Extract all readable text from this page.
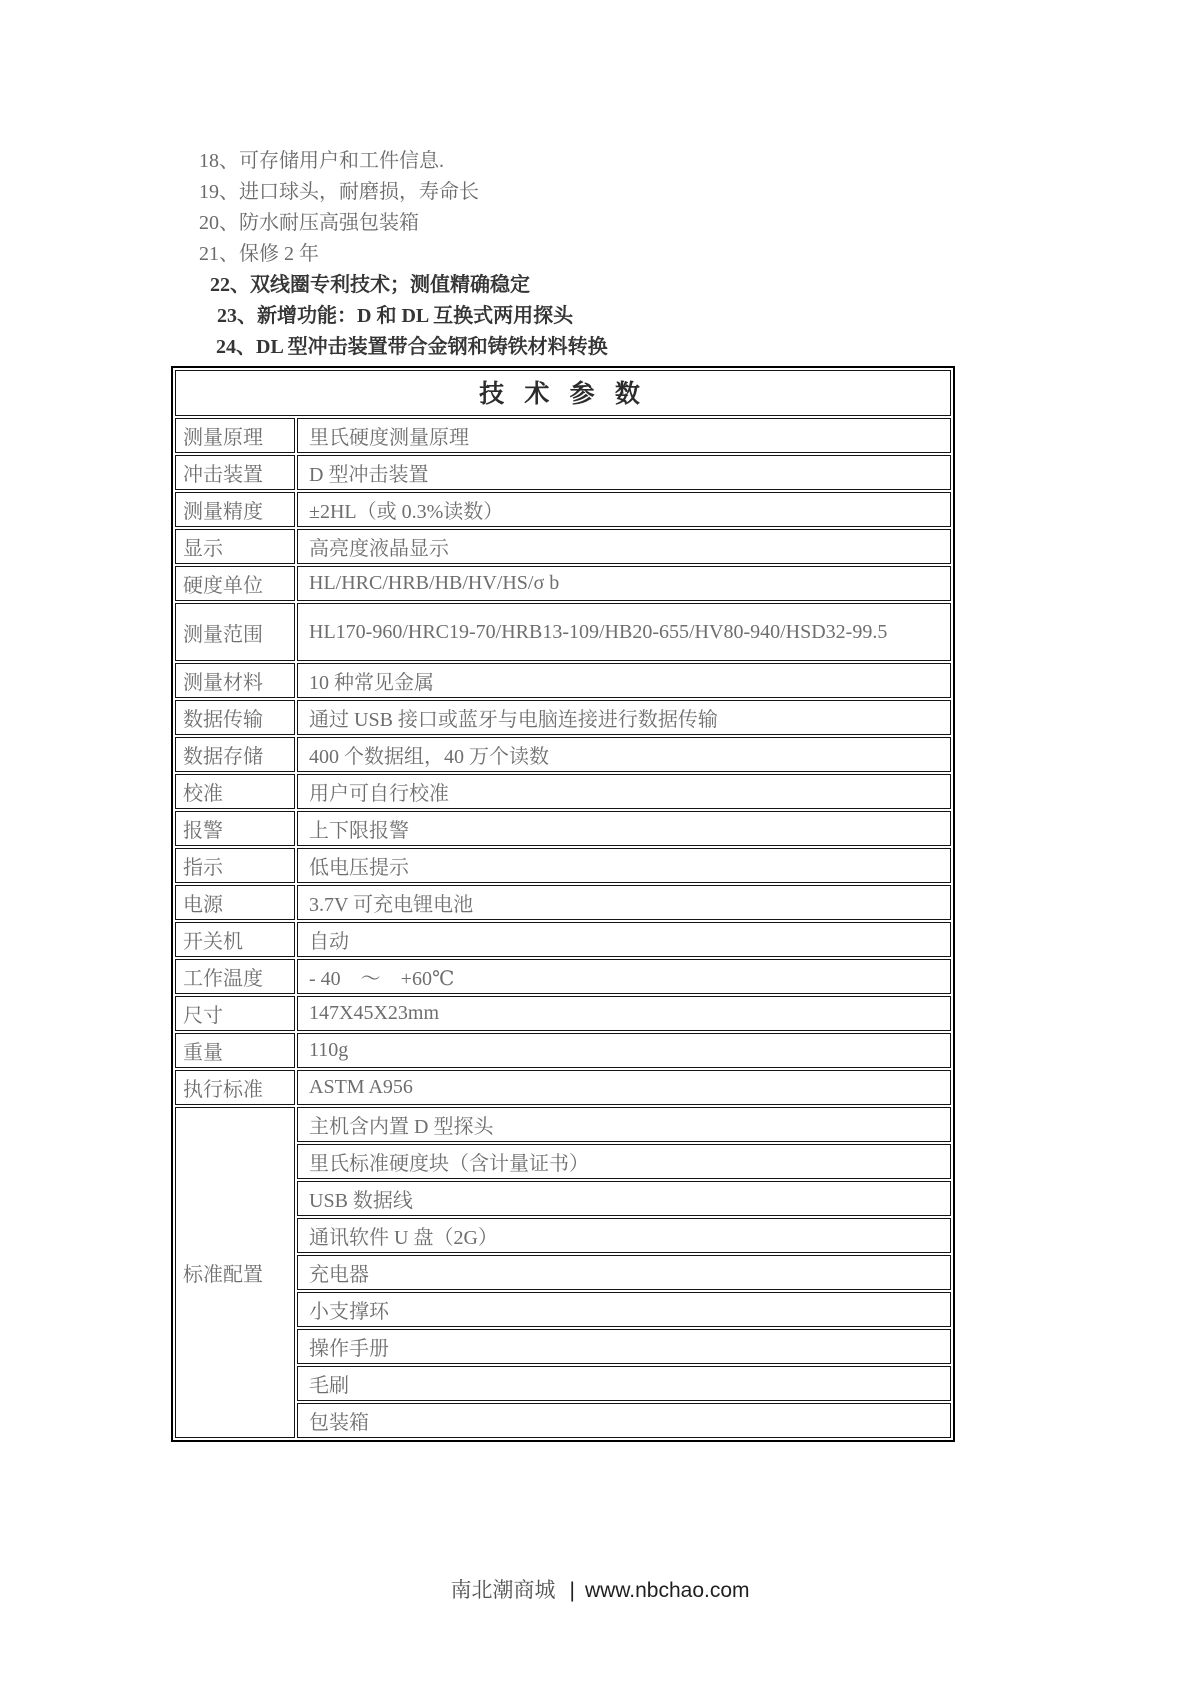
18、可存储用户和工件信息.
19、进口球头，耐磨损，寿命长
20、防水耐压高强包装箱
21、保修 2 年
22、双线圈专利技术；测值精确稳定
23、新增功能：D 和 DL 互换式两用探头
24、DL 型冲击装置带合金钢和铸铁材料转换
技 术 参 数	
测量原理	里氏硬度测量原理
冲击装置	D 型冲击装置
测量精度	±2HL（或 0.3%读数）
显示	高亮度液晶显示
硬度单位	HL/HRC/HRB/HB/HV/HS/σ b
测量范围	HL170-960/HRC19-70/HRB13-109/HB20-655/HV80-940/HSD32-99.5
测量材料	10 种常见金属
数据传输	通过 USB 接口或蓝牙与电脑连接进行数据传输
数据存储	400 个数据组，40 万个读数
校准	用户可自行校准
报警	上下限报警
指示	低电压提示
电源	3.7V 可充电锂电池
开关机	自动
工作温度	- 40　～　+60℃
尺寸	147X45X23mm
重量	110g
执行标准	ASTM A956
标准配置	主机含内置 D 型探头
	里氏标准硬度块（含计量证书）
	USB 数据线
	通讯软件 U 盘（2G）
	充电器
	小支撑环
	操作手册
	毛刷
	包装箱
南北潮商城 | www.nbchao.com
